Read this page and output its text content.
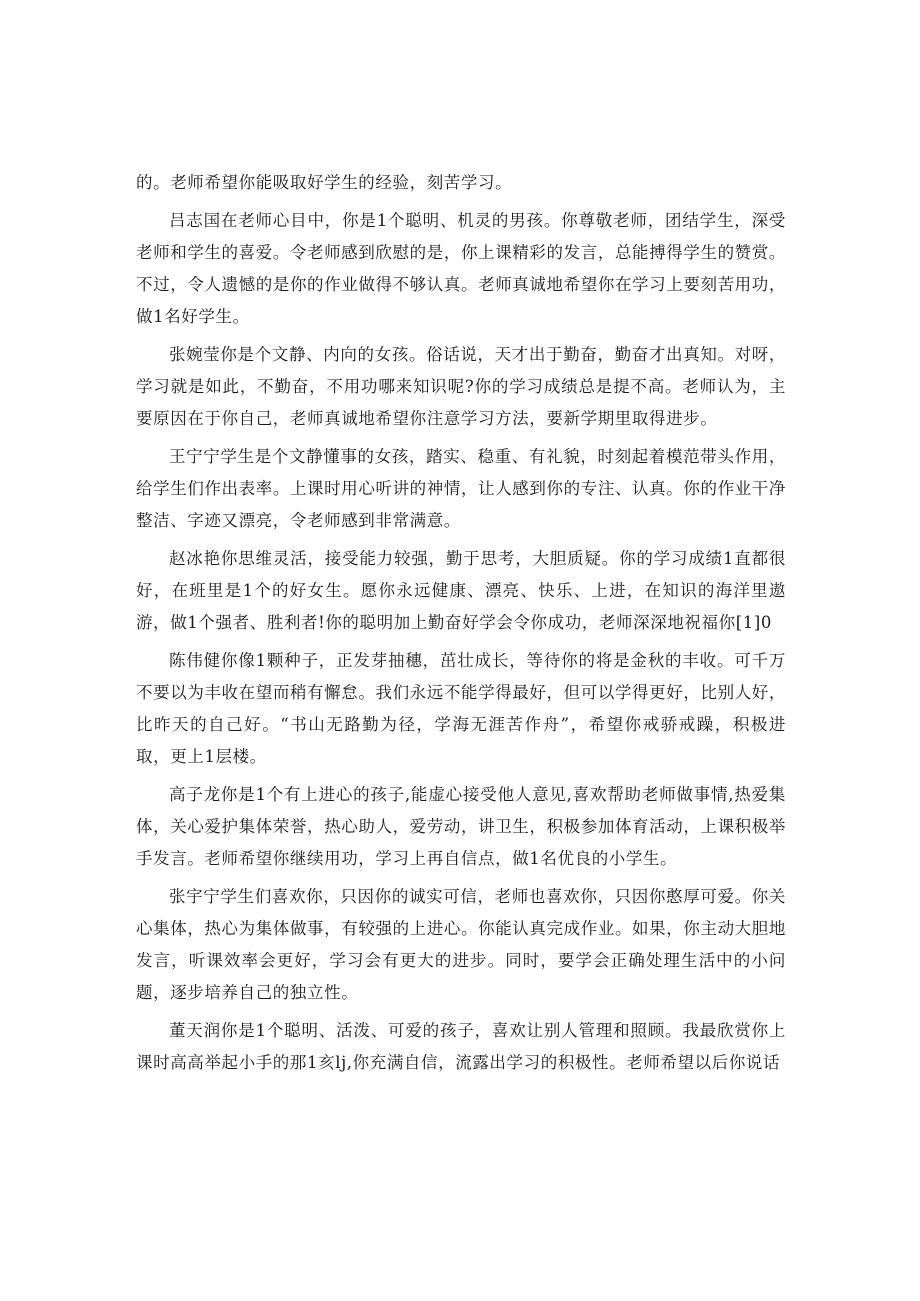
的。老师希望你能吸取好学生的经验，刻苦学习。

吕志国在老师心目中，你是1个聪明、机灵的男孩。你尊敬老师，团结学生，深受老师和学生的喜爱。令老师感到欣慰的是，你上课精彩的发言，总能搏得学生的赞赏。不过，令人遗憾的是你的作业做得不够认真。老师真诚地希望你在学习上要刻苦用功，做1名好学生。

张婉莹你是个文静、内向的女孩。俗话说，天才出于勤奋，勤奋才出真知。对呀，学习就是如此，不勤奋，不用功哪来知识呢?你的学习成绩总是提不高。老师认为，主要原因在于你自己，老师真诚地希望你注意学习方法，要新学期里取得进步。

王宁宁学生是个文静懂事的女孩，踏实、稳重、有礼貌，时刻起着模范带头作用，给学生们作出表率。上课时用心听讲的神情，让人感到你的专注、认真。你的作业干净整洁、字迹又漂亮，令老师感到非常满意。

赵冰艳你思维灵活，接受能力较强，勤于思考，大胆质疑。你的学习成绩1直都很好，在班里是1个的好女生。愿你永远健康、漂亮、快乐、上进，在知识的海洋里遨游，做1个强者、胜利者!你的聪明加上勤奋好学会令你成功，老师深深地祝福你[1]0

陈伟健你像1颗种子，正发芽抽穗，茁壮成长，等待你的将是金秋的丰收。可千万不要以为丰收在望而稍有懈怠。我们永远不能学得最好，但可以学得更好，比别人好，比昨天的自己好。“书山无路勤为径，学海无涯苦作舟”，希望你戒骄戒躁，积极进取，更上1层楼。

高子龙你是1个有上进心的孩子,能虚心接受他人意见,喜欢帮助老师做事情,热爱集体，关心爱护集体荣誉，热心助人，爱劳动，讲卫生，积极参加体育活动，上课积极举手发言。老师希望你继续用功，学习上再自信点，做1名优良的小学生。

张宇宁学生们喜欢你，只因你的诚实可信，老师也喜欢你，只因你憨厚可爱。你关心集体，热心为集体做事，有较强的上进心。你能认真完成作业。如果，你主动大胆地发言，听课效率会更好，学习会有更大的进步。同时，要学会正确处理生活中的小问题，逐步培养自己的独立性。

董天润你是1个聪明、活泼、可爱的孩子，喜欢让别人管理和照顾。我最欣赏你上课时高高举起小手的那1亥lj,你充满自信，流露出学习的积极性。老师希望以后你说话
